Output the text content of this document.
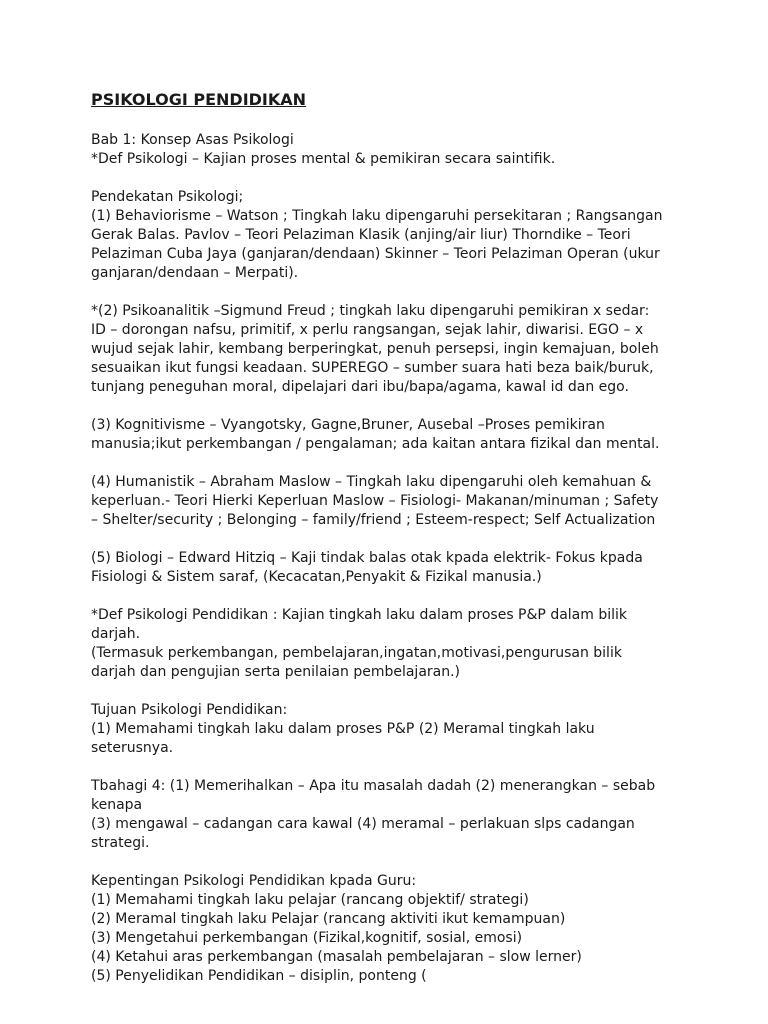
PSIKOLOGI PENDIDIKAN
Bab 1: Konsep Asas Psikologi
*Def Psikologi – Kajian proses mental & pemikiran secara saintifik.
Pendekatan Psikologi;
(1) Behaviorisme – Watson ; Tingkah laku dipengaruhi persekitaran ; Rangsangan
Gerak Balas. Pavlov – Teori Pelaziman Klasik (anjing/air liur) Thorndike – Teori
Pelaziman Cuba Jaya (ganjaran/dendaan) Skinner – Teori Pelaziman Operan (ukur
ganjaran/dendaan – Merpati).
*(2) Psikoanalitik –Sigmund Freud ; tingkah laku dipengaruhi pemikiran x sedar:
ID – dorongan nafsu, primitif, x perlu rangsangan, sejak lahir, diwarisi. EGO – x
wujud sejak lahir, kembang berperingkat, penuh persepsi, ingin kemajuan, boleh
sesuaikan ikut fungsi keadaan. SUPEREGO – sumber suara hati beza baik/buruk,
tunjang peneguhan moral, dipelajari dari ibu/bapa/agama, kawal id dan ego.
(3) Kognitivisme – Vyangotsky, Gagne,Bruner, Ausebal –Proses pemikiran
manusia;ikut perkembangan / pengalaman; ada kaitan antara fizikal dan mental.
(4) Humanistik – Abraham Maslow – Tingkah laku dipengaruhi oleh kemahuan &
keperluan.- Teori Hierki Keperluan Maslow – Fisiologi- Makanan/minuman ; Safety
– Shelter/security ; Belonging – family/friend ; Esteem-respect; Self Actualization
(5) Biologi – Edward Hitziq – Kaji tindak balas otak kpada elektrik- Fokus kpada
Fisiologi & Sistem saraf, (Kecacatan,Penyakit & Fizikal manusia.)
*Def Psikologi Pendidikan : Kajian tingkah laku dalam proses P&P dalam bilik
darjah.
(Termasuk perkembangan, pembelajaran,ingatan,motivasi,pengurusan bilik
darjah dan pengujian serta penilaian pembelajaran.)
Tujuan Psikologi Pendidikan:
(1) Memahami tingkah laku dalam proses P&P (2) Meramal tingkah laku
seterusnya.
Tbahagi 4: (1) Memerihalkan – Apa itu masalah dadah (2) menerangkan – sebab
kenapa
(3) mengawal – cadangan cara kawal (4) meramal – perlakuan slps cadangan
strategi.
Kepentingan Psikologi Pendidikan kpada Guru:
(1) Memahami tingkah laku pelajar (rancang objektif/ strategi)
(2) Meramal tingkah laku Pelajar (rancang aktiviti ikut kemampuan)
(3) Mengetahui perkembangan (Fizikal,kognitif, sosial, emosi)
(4) Ketahui aras perkembangan (masalah pembelajaran – slow lerner)
(5) Penyelidikan Pendidikan – disiplin, ponteng (
